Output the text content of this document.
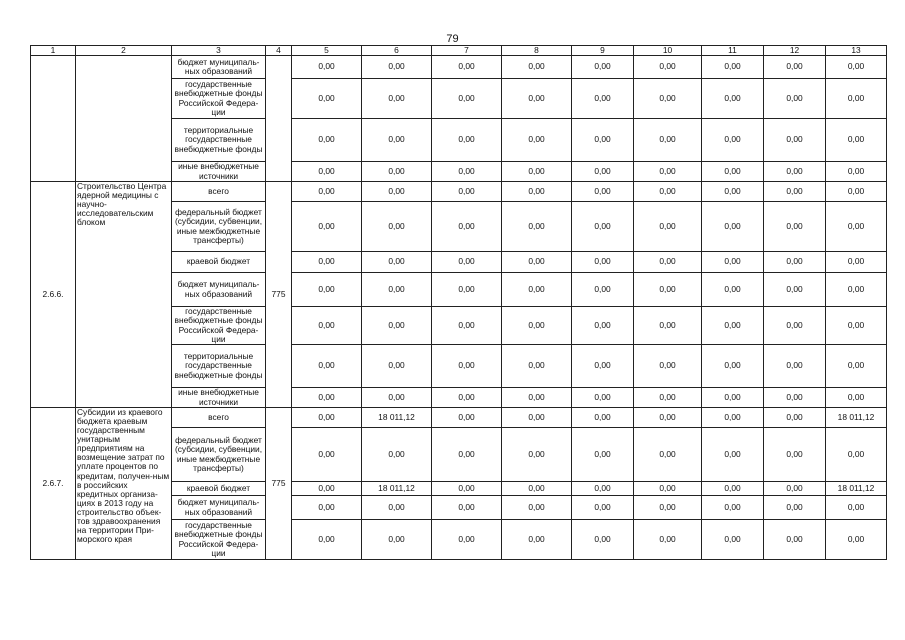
79
1	2	3	4	5	6	7	8	9	10	11	12	13
		бюджет муниципаль-ных образований		0,00	0,00	0,00	0,00	0,00	0,00	0,00	0,00	0,00
		государственные внебюджетные фонды Российской Федера-ции		0,00	0,00	0,00	0,00	0,00	0,00	0,00	0,00	0,00
		территориальные государственные внебюджетные фонды		0,00	0,00	0,00	0,00	0,00	0,00	0,00	0,00	0,00
		иные внебюджетные источники		0,00	0,00	0,00	0,00	0,00	0,00	0,00	0,00	0,00
2.6.6.	Строительство Центра ядерной медицины с научно-исследовательским блоком	всего	775	0,00	0,00	0,00	0,00	0,00	0,00	0,00	0,00	0,00
		федеральный бюджет (субсидии, субвенции, иные межбюджетные трансферты)		0,00	0,00	0,00	0,00	0,00	0,00	0,00	0,00	0,00
		краевой бюджет		0,00	0,00	0,00	0,00	0,00	0,00	0,00	0,00	0,00
		бюджет муниципаль-ных образований		0,00	0,00	0,00	0,00	0,00	0,00	0,00	0,00	0,00
		государственные внебюджетные фонды Российской Федера-ции		0,00	0,00	0,00	0,00	0,00	0,00	0,00	0,00	0,00
		территориальные государственные внебюджетные фонды		0,00	0,00	0,00	0,00	0,00	0,00	0,00	0,00	0,00
		иные внебюджетные источники		0,00	0,00	0,00	0,00	0,00	0,00	0,00	0,00	0,00
2.6.7.	Субсидии из краевого бюджета краевым государственным унитарным предприятиям на возмещение затрат по уплате процентов по кредитам, получен-ным в российских кредитных организа-циях в 2013 году на строительство объек-тов здравоохранения на территории При-морского края	всего	775	0,00	18 011,12	0,00	0,00	0,00	0,00	0,00	0,00	18 011,12
		федеральный бюджет (субсидии, субвенции, иные межбюджетные трансферты)		0,00	0,00	0,00	0,00	0,00	0,00	0,00	0,00	0,00
		краевой бюджет		0,00	18 011,12	0,00	0,00	0,00	0,00	0,00	0,00	18 011,12
		бюджет муниципаль-ных образований		0,00	0,00	0,00	0,00	0,00	0,00	0,00	0,00	0,00
		государственные внебюджетные фонды Российской Федера-ции		0,00	0,00	0,00	0,00	0,00	0,00	0,00	0,00	0,00
